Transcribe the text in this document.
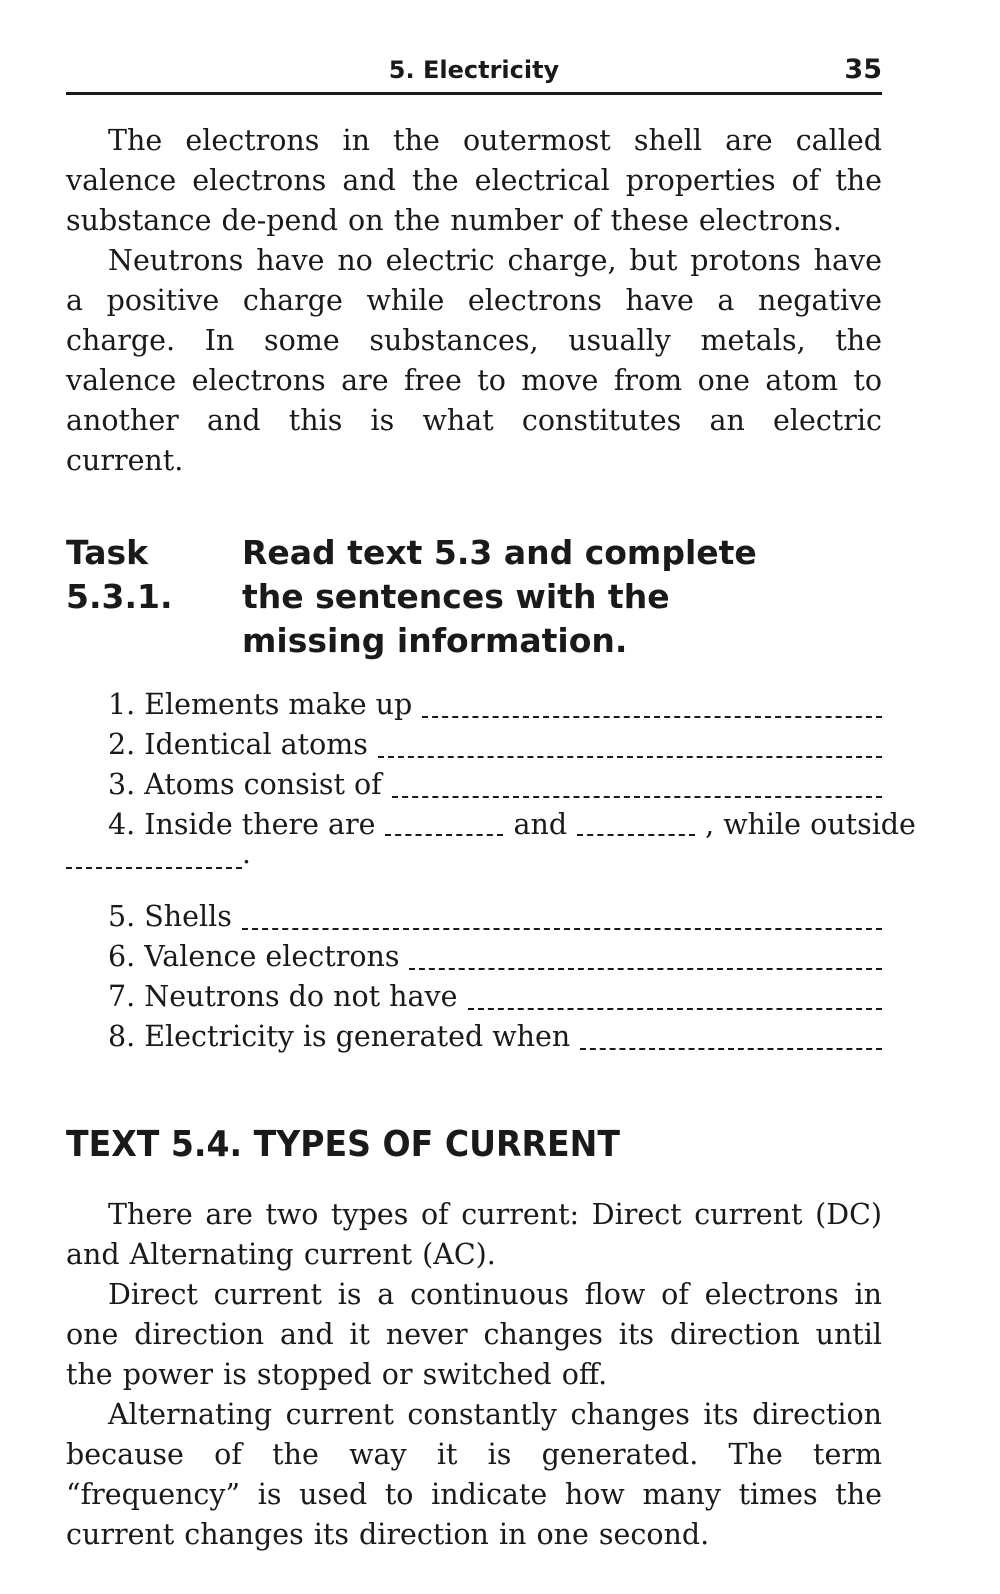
5. Electricity	35

The electrons in the outermost shell are called valence electrons and the electrical properties of the substance de-pend on the number of these electrons.

Neutrons have no electric charge, but protons have a positive charge while electrons have a negative charge. In some substances, usually metals, the valence electrons are free to move from one atom to another and this is what constitutes an electric current.

Task 5.3.1.
Read text 5.3 and complete the sentences with the missing information.
1. Elements make up
2. Identical atoms
3. Atoms consist of
4. Inside there are	and	, while outside
.
5. Shells
6. Valence electrons
7. Neutrons do not have
8. Electricity is generated when
TEXT 5.4. TYPES OF CURRENT

There are two types of current: Direct current (DC) and Alternating current (AC).

Direct current is a continuous flow of electrons in one direction and it never changes its direction until the power is stopped or switched off.

Alternating current constantly changes its direction because of the way it is generated. The term “frequency” is used to indicate how many times the current changes its direction in one second.
